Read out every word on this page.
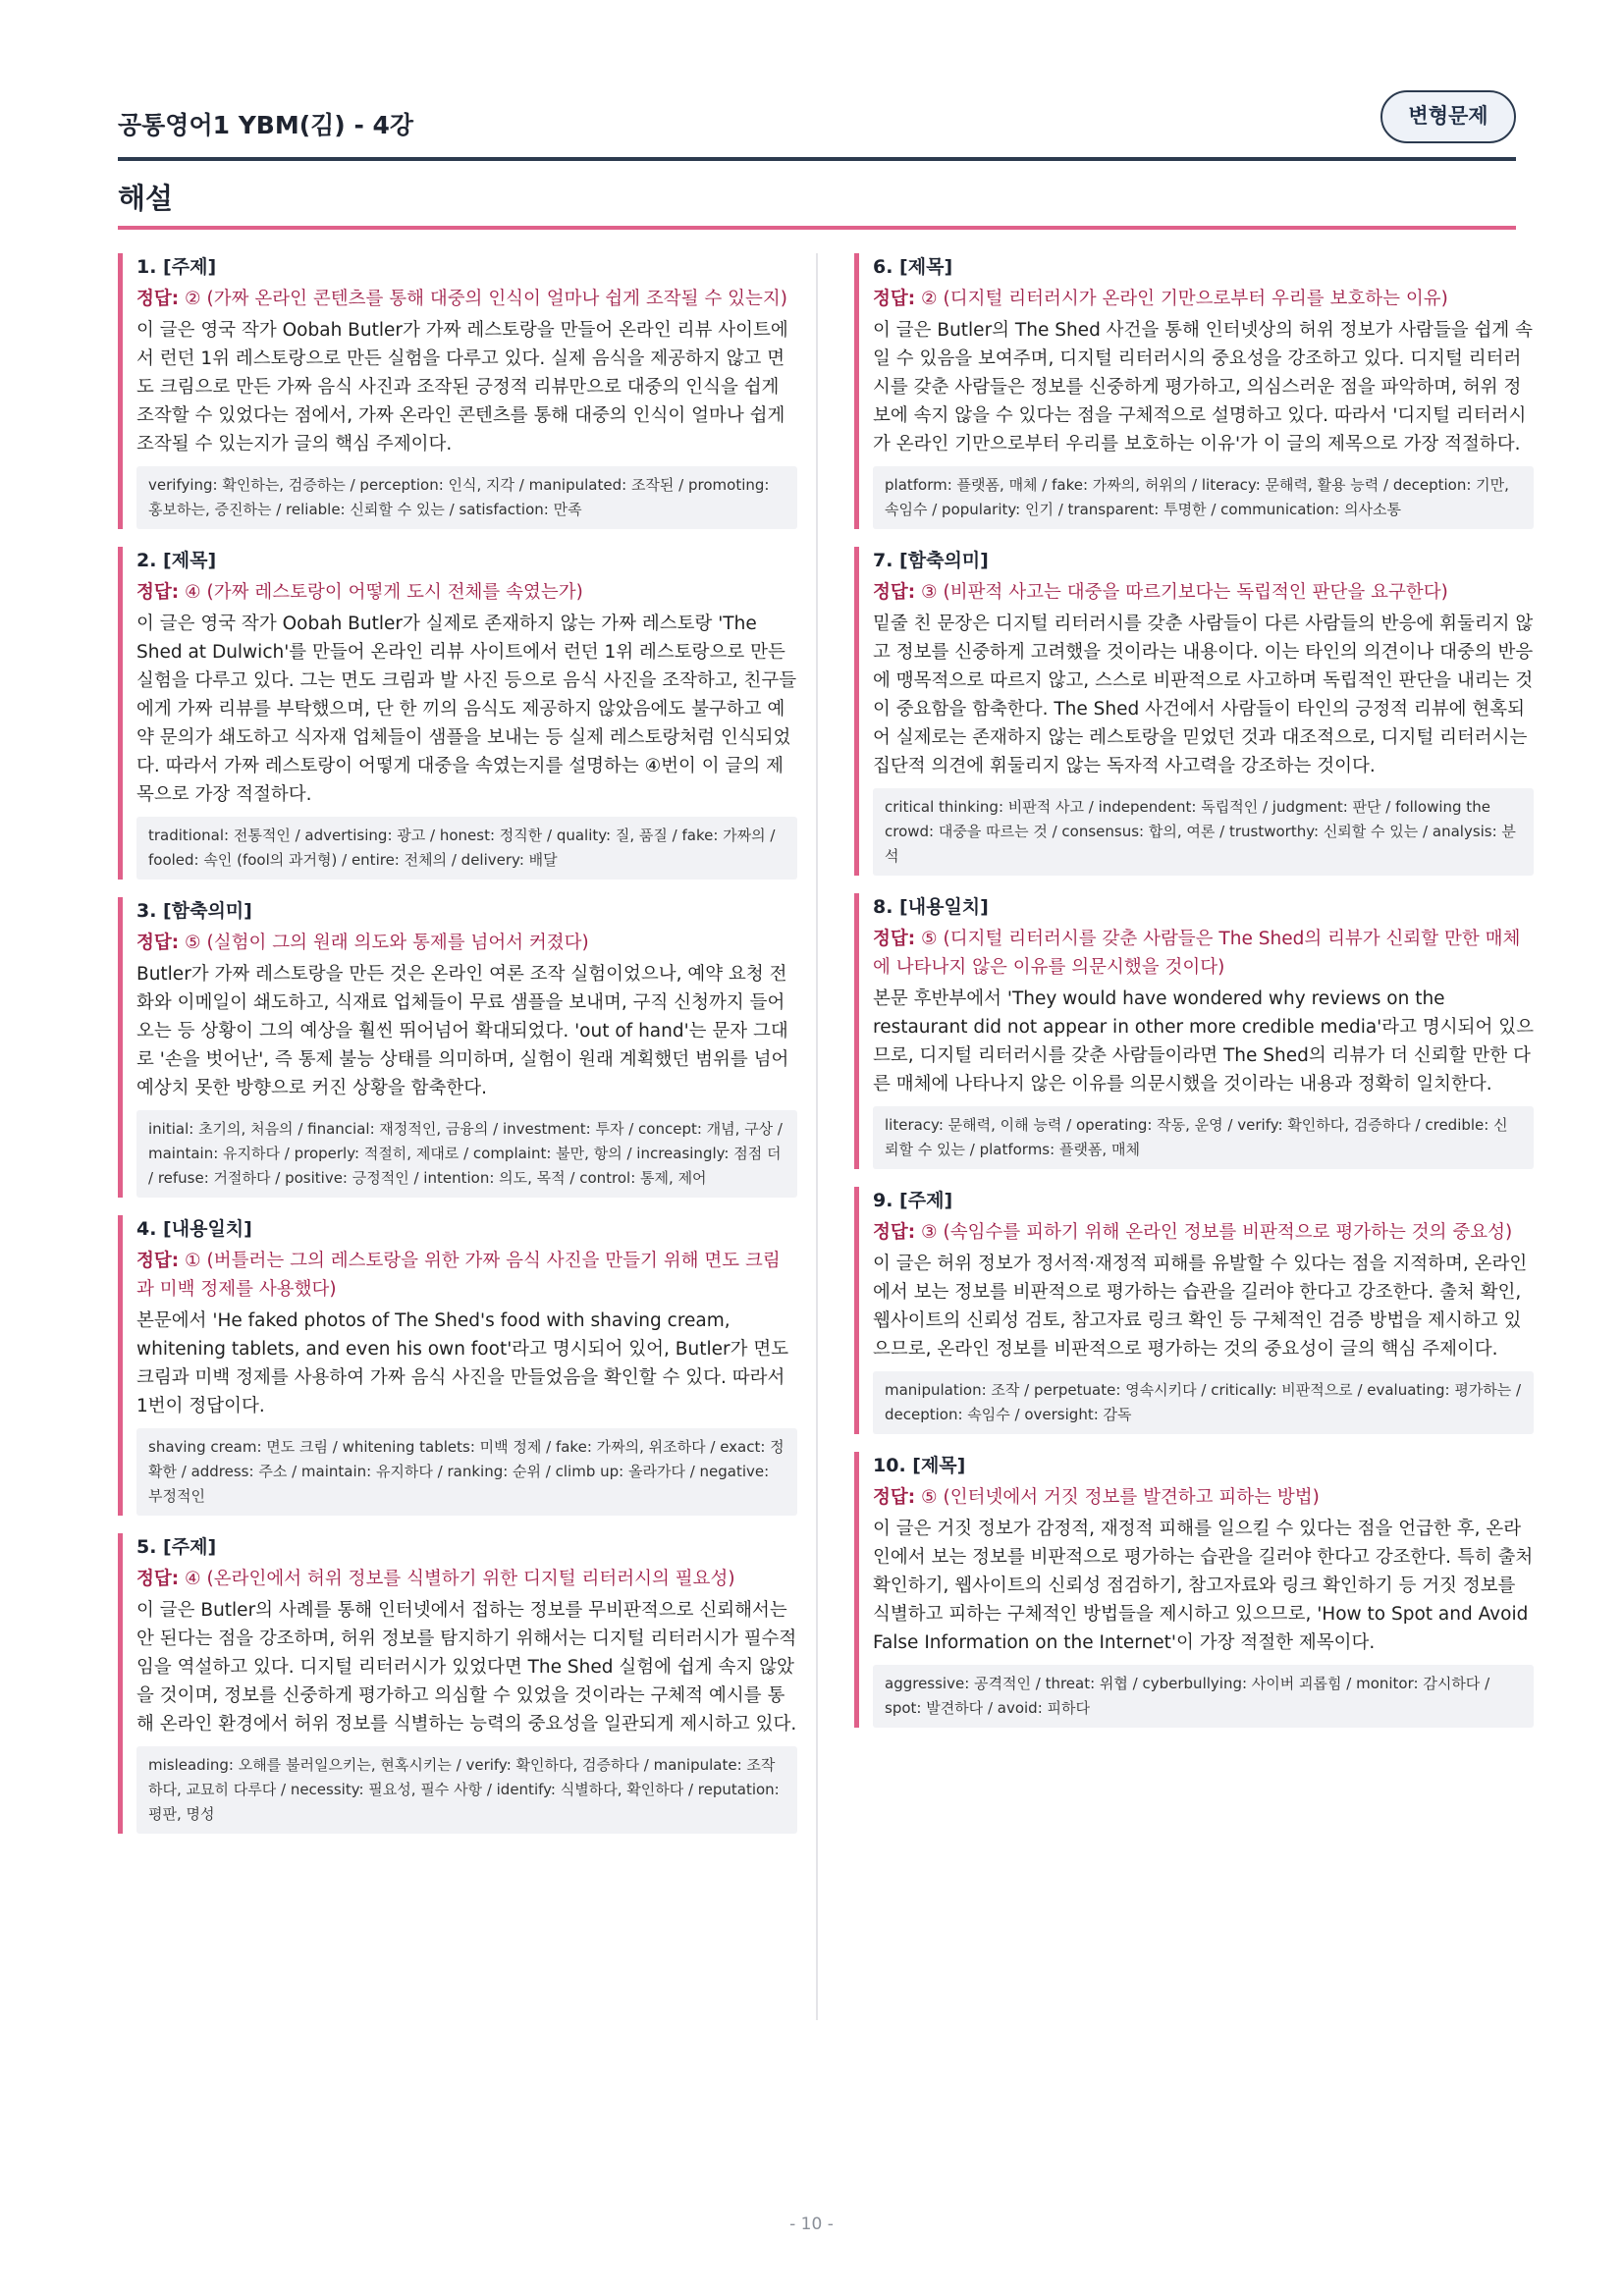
공통영어1 YBM(김) - 4강	변형문제
해설
1. [주제]
정답: ② (가짜 온라인 콘텐츠를 통해 대중의 인식이 얼마나 쉽게 조작될 수 있는지)
이 글은 영국 작가 Oobah Butler가 가짜 레스토랑을 만들어 온라인 리뷰 사이트에서 런던 1위 레스토랑으로 만든 실험을 다루고 있다. 실제 음식을 제공하지 않고 면도 크림으로 만든 가짜 음식 사진과 조작된 긍정적 리뷰만으로 대중의 인식을 쉽게 조작할 수 있었다는 점에서, 가짜 온라인 콘텐츠를 통해 대중의 인식이 얼마나 쉽게 조작될 수 있는지가 글의 핵심 주제이다.
verifying: 확인하는, 검증하는 / perception: 인식, 지각 / manipulated: 조작된 / promoting: 홍보하는, 증진하는 / reliable: 신뢰할 수 있는 / satisfaction: 만족
2. [제목]
정답: ④ (가짜 레스토랑이 어떻게 도시 전체를 속였는가)
이 글은 영국 작가 Oobah Butler가 실제로 존재하지 않는 가짜 레스토랑 'The Shed at Dulwich'를 만들어 온라인 리뷰 사이트에서 런던 1위 레스토랑으로 만든 실험을 다루고 있다. 그는 면도 크림과 발 사진 등으로 음식 사진을 조작하고, 친구들에게 가짜 리뷰를 부탁했으며, 단 한 끼의 음식도 제공하지 않았음에도 불구하고 예약 문의가 쇄도하고 식자재 업체들이 샘플을 보내는 등 실제 레스토랑처럼 인식되었다. 따라서 가짜 레스토랑이 어떻게 대중을 속였는지를 설명하는 ④번이 이 글의 제목으로 가장 적절하다.
traditional: 전통적인 / advertising: 광고 / honest: 정직한 / quality: 질, 품질 / fake: 가짜의 / fooled: 속인 (fool의 과거형) / entire: 전체의 / delivery: 배달
3. [함축의미]
정답: ⑤ (실험이 그의 원래 의도와 통제를 넘어서 커졌다)
Butler가 가짜 레스토랑을 만든 것은 온라인 여론 조작 실험이었으나, 예약 요청 전화와 이메일이 쇄도하고, 식재료 업체들이 무료 샘플을 보내며, 구직 신청까지 들어오는 등 상황이 그의 예상을 훨씬 뛰어넘어 확대되었다. 'out of hand'는 문자 그대로 '손을 벗어난', 즉 통제 불능 상태를 의미하며, 실험이 원래 계획했던 범위를 넘어 예상치 못한 방향으로 커진 상황을 함축한다.
initial: 초기의, 처음의 / financial: 재정적인, 금융의 / investment: 투자 / concept: 개념, 구상 / maintain: 유지하다 / properly: 적절히, 제대로 / complaint: 불만, 항의 / increasingly: 점점 더 / refuse: 거절하다 / positive: 긍정적인 / intention: 의도, 목적 / control: 통제, 제어
4. [내용일치]
정답: ① (버틀러는 그의 레스토랑을 위한 가짜 음식 사진을 만들기 위해 면도 크림과 미백 정제를 사용했다)
본문에서 'He faked photos of The Shed's food with shaving cream, whitening tablets, and even his own foot'라고 명시되어 있어, Butler가 면도 크림과 미백 정제를 사용하여 가짜 음식 사진을 만들었음을 확인할 수 있다. 따라서 1번이 정답이다.
shaving cream: 면도 크림 / whitening tablets: 미백 정제 / fake: 가짜의, 위조하다 / exact: 정확한 / address: 주소 / maintain: 유지하다 / ranking: 순위 / climb up: 올라가다 / negative: 부정적인
5. [주제]
정답: ④ (온라인에서 허위 정보를 식별하기 위한 디지털 리터러시의 필요성)
이 글은 Butler의 사례를 통해 인터넷에서 접하는 정보를 무비판적으로 신뢰해서는 안 된다는 점을 강조하며, 허위 정보를 탐지하기 위해서는 디지털 리터러시가 필수적임을 역설하고 있다. 디지털 리터러시가 있었다면 The Shed 실험에 쉽게 속지 않았을 것이며, 정보를 신중하게 평가하고 의심할 수 있었을 것이라는 구체적 예시를 통해 온라인 환경에서 허위 정보를 식별하는 능력의 중요성을 일관되게 제시하고 있다.
misleading: 오해를 불러일으키는, 현혹시키는 / verify: 확인하다, 검증하다 / manipulate: 조작하다, 교묘히 다루다 / necessity: 필요성, 필수 사항 / identify: 식별하다, 확인하다 / reputation: 평판, 명성
6. [제목]
정답: ② (디지털 리터러시가 온라인 기만으로부터 우리를 보호하는 이유)
이 글은 Butler의 The Shed 사건을 통해 인터넷상의 허위 정보가 사람들을 쉽게 속일 수 있음을 보여주며, 디지털 리터러시의 중요성을 강조하고 있다. 디지털 리터러시를 갖춘 사람들은 정보를 신중하게 평가하고, 의심스러운 점을 파악하며, 허위 정보에 속지 않을 수 있다는 점을 구체적으로 설명하고 있다. 따라서 '디지털 리터러시가 온라인 기만으로부터 우리를 보호하는 이유'가 이 글의 제목으로 가장 적절하다.
platform: 플랫폼, 매체 / fake: 가짜의, 허위의 / literacy: 문해력, 활용 능력 / deception: 기만, 속임수 / popularity: 인기 / transparent: 투명한 / communication: 의사소통
7. [함축의미]
정답: ③ (비판적 사고는 대중을 따르기보다는 독립적인 판단을 요구한다)
밑줄 친 문장은 디지털 리터러시를 갖춘 사람들이 다른 사람들의 반응에 휘둘리지 않고 정보를 신중하게 고려했을 것이라는 내용이다. 이는 타인의 의견이나 대중의 반응에 맹목적으로 따르지 않고, 스스로 비판적으로 사고하며 독립적인 판단을 내리는 것이 중요함을 함축한다. The Shed 사건에서 사람들이 타인의 긍정적 리뷰에 현혹되어 실제로는 존재하지 않는 레스토랑을 믿었던 것과 대조적으로, 디지털 리터러시는 집단적 의견에 휘둘리지 않는 독자적 사고력을 강조하는 것이다.
critical thinking: 비판적 사고 / independent: 독립적인 / judgment: 판단 / following the crowd: 대중을 따르는 것 / consensus: 합의, 여론 / trustworthy: 신뢰할 수 있는 / analysis: 분석
8. [내용일치]
정답: ⑤ (디지털 리터러시를 갖춘 사람들은 The Shed의 리뷰가 신뢰할 만한 매체에 나타나지 않은 이유를 의문시했을 것이다)
본문 후반부에서 'They would have wondered why reviews on the restaurant did not appear in other more credible media'라고 명시되어 있으므로, 디지털 리터러시를 갖춘 사람들이라면 The Shed의 리뷰가 더 신뢰할 만한 다른 매체에 나타나지 않은 이유를 의문시했을 것이라는 내용과 정확히 일치한다.
literacy: 문해력, 이해 능력 / operating: 작동, 운영 / verify: 확인하다, 검증하다 / credible: 신뢰할 수 있는 / platforms: 플랫폼, 매체
9. [주제]
정답: ③ (속임수를 피하기 위해 온라인 정보를 비판적으로 평가하는 것의 중요성)
이 글은 허위 정보가 정서적·재정적 피해를 유발할 수 있다는 점을 지적하며, 온라인에서 보는 정보를 비판적으로 평가하는 습관을 길러야 한다고 강조한다. 출처 확인, 웹사이트의 신뢰성 검토, 참고자료 링크 확인 등 구체적인 검증 방법을 제시하고 있으므로, 온라인 정보를 비판적으로 평가하는 것의 중요성이 글의 핵심 주제이다.
manipulation: 조작 / perpetuate: 영속시키다 / critically: 비판적으로 / evaluating: 평가하는 / deception: 속임수 / oversight: 감독
10. [제목]
정답: ⑤ (인터넷에서 거짓 정보를 발견하고 피하는 방법)
이 글은 거짓 정보가 감정적, 재정적 피해를 일으킬 수 있다는 점을 언급한 후, 온라인에서 보는 정보를 비판적으로 평가하는 습관을 길러야 한다고 강조한다. 특히 출처 확인하기, 웹사이트의 신뢰성 점검하기, 참고자료와 링크 확인하기 등 거짓 정보를 식별하고 피하는 구체적인 방법들을 제시하고 있으므로, 'How to Spot and Avoid False Information on the Internet'이 가장 적절한 제목이다.
aggressive: 공격적인 / threat: 위협 / cyberbullying: 사이버 괴롭힘 / monitor: 감시하다 / spot: 발견하다 / avoid: 피하다
- 10 -
